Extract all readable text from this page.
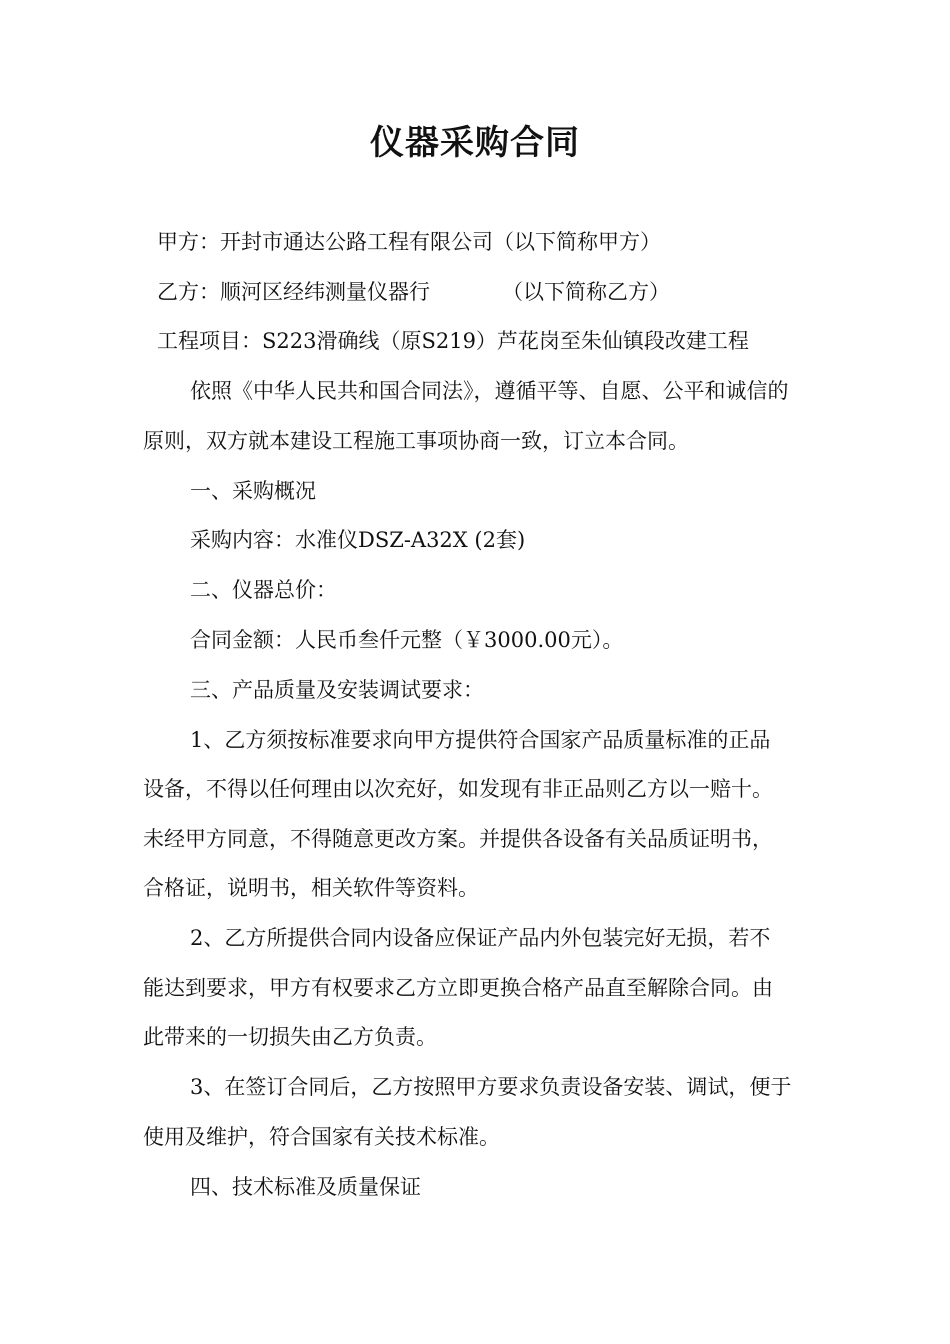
仪器采购合同
甲方：开封市通达公路工程有限公司（以下简称甲方）
乙方：顺河区经纬测量仪器行	（以下简称乙方）
工程项目：S223滑确线（原S219）芦花岗至朱仙镇段改建工程
依照《中华人民共和国合同法》，遵循平等、自愿、公平和诚信的
原则，双方就本建设工程施工事项协商一致，订立本合同。
一、采购概况
采购内容：水准仪DSZ-A32X (2套)
二、仪器总价：
合同金额：人民币叁仟元整（￥3000.00元）。
三、产品质量及安装调试要求：
1、乙方须按标准要求向甲方提供符合国家产品质量标准的正品
设备，不得以任何理由以次充好，如发现有非正品则乙方以一赔十。
未经甲方同意，不得随意更改方案。并提供各设备有关品质证明书，
合格证，说明书，相关软件等资料。
2、乙方所提供合同内设备应保证产品内外包装完好无损，若不
能达到要求，甲方有权要求乙方立即更换合格产品直至解除合同。由
此带来的一切损失由乙方负责。
3、在签订合同后，乙方按照甲方要求负责设备安装、调试，便于
使用及维护，符合国家有关技术标准。
四、技术标准及质量保证
